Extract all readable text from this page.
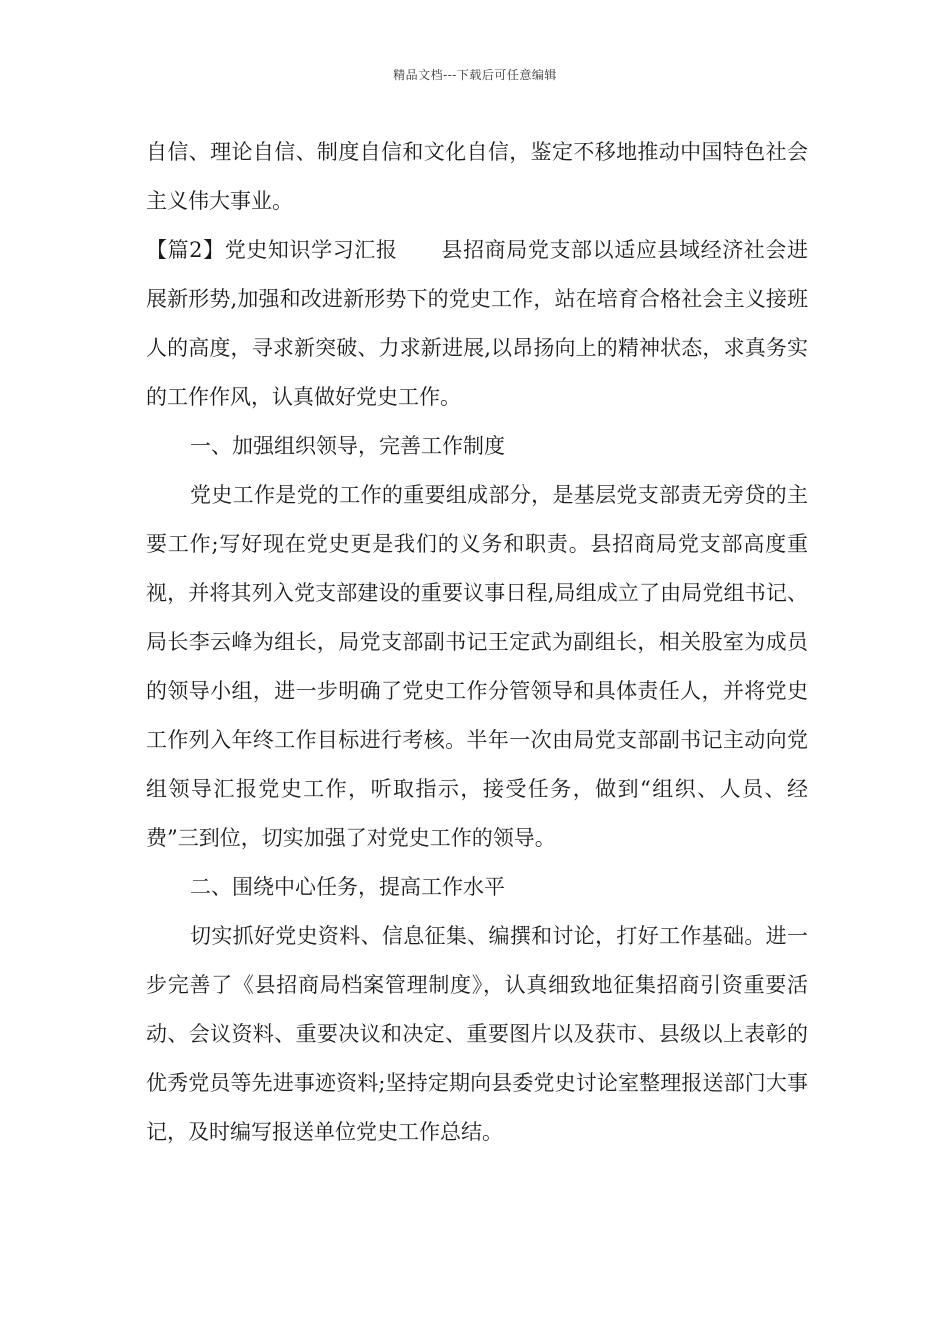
精品文档---下载后可任意编辑

自信、理论自信、制度自信和文化自信，鉴定不移地推动中国特色社会主义伟大事业。

【篇2】党史知识学习汇报 县招商局党支部以适应县域经济社会进展新形势,加强和改进新形势下的党史工作，站在培育合格社会主义接班人的高度，寻求新突破、力求新进展,以昂扬向上的精神状态，求真务实的工作作风，认真做好党史工作。

一、加强组织领导，完善工作制度

党史工作是党的工作的重要组成部分，是基层党支部责无旁贷的主要工作;写好现在党史更是我们的义务和职责。县招商局党支部高度重视，并将其列入党支部建设的重要议事日程,局组成立了由局党组书记、局长李云峰为组长，局党支部副书记王定武为副组长，相关股室为成员的领导小组，进一步明确了党史工作分管领导和具体责任人，并将党史工作列入年终工作目标进行考核。半年一次由局党支部副书记主动向党组领导汇报党史工作，听取指示，接受任务，做到“组织、人员、经费”三到位，切实加强了对党史工作的领导。

二、围绕中心任务，提高工作水平

切实抓好党史资料、信息征集、编撰和讨论，打好工作基础。进一步完善了《县招商局档案管理制度》，认真细致地征集招商引资重要活动、会议资料、重要决议和决定、重要图片以及获市、县级以上表彰的优秀党员等先进事迹资料;坚持定期向县委党史讨论室整理报送部门大事记，及时编写报送单位党史工作总结。
